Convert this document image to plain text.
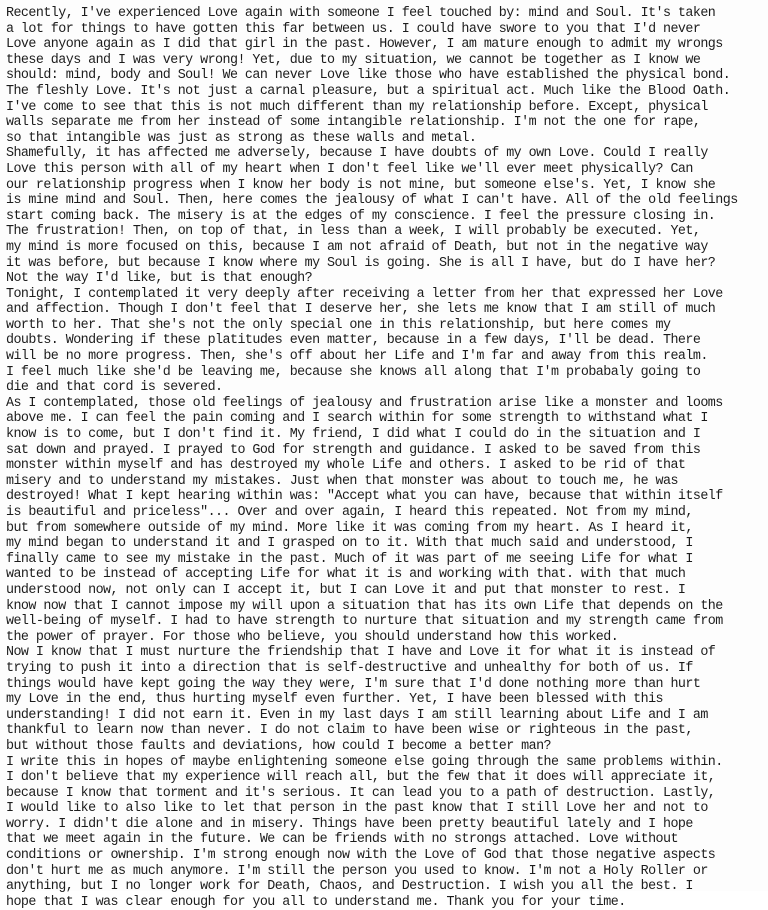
Recently, I've experienced Love again with someone I feel touched by: mind and Soul. It's taken
a lot for things to have gotten this far between us. I could have swore to you that I'd never
Love anyone again as I did that girl in the past. However, I am mature enough to admit my wrongs
these days and I was very wrong! Yet, due to my situation, we cannot be together as I know we
should: mind, body and Soul! We can never Love like those who have established the physical bond.
The fleshly Love. It's not just a carnal pleasure, but a spiritual act. Much like the Blood Oath.
I've come to see that this is not much different than my relationship before. Except, physical
walls separate me from her instead of some intangible relationship. I'm not the one for rape,
so that intangible was just as strong as these walls and metal.
Shamefully, it has affected me adversely, because I have doubts of my own Love. Could I really
Love this person with all of my heart when I don't feel like we'll ever meet physically? Can
our relationship progress when I know her body is not mine, but someone else's. Yet, I know she
is mine mind and Soul. Then, here comes the jealousy of what I can't have. All of the old feelings
start coming back. The misery is at the edges of my conscience. I feel the pressure closing in.
The frustration! Then, on top of that, in less than a week, I will probably be executed. Yet,
my mind is more focused on this, because I am not afraid of Death, but not in the negative way
it was before, but because I know where my Soul is going. She is all I have, but do I have her?
Not the way I'd like, but is that enough?
Tonight, I contemplated it very deeply after receiving a letter from her that expressed her Love
and affection. Though I don't feel that I deserve her, she lets me know that I am still of much
worth to her. That she's not the only special one in this relationship, but here comes my
doubts. Wondering if these platitudes even matter, because in a few days, I'll be dead. There
will be no more progress. Then, she's off about her Life and I'm far and away from this realm.
I feel much like she'd be leaving me, because she knows all along that I'm probabaly going to
die and that cord is severed.
As I contemplated, those old feelings of jealousy and frustration arise like a monster and looms
above me. I can feel the pain coming and I search within for some strength to withstand what I
know is to come, but I don't find it. My friend, I did what I could do in the situation and I
sat down and prayed. I prayed to God for strength and guidance. I asked to be saved from this
monster within myself and has destroyed my whole Life and others. I asked to be rid of that
misery and to understand my mistakes. Just when that monster was about to touch me, he was
destroyed! What I kept hearing within was: "Accept what you can have, because that within itself
is beautiful and priceless"... Over and over again, I heard this repeated. Not from my mind,
but from somewhere outside of my mind. More like it was coming from my heart. As I heard it,
my mind began to understand it and I grasped on to it. With that much said and understood, I
finally came to see my mistake in the past. Much of it was part of me seeing Life for what I
wanted to be instead of accepting Life for what it is and working with that. with that much
understood now, not only can I accept it, but I can Love it and put that monster to rest. I
know now that I cannot impose my will upon a situation that has its own Life that depends on the
well-being of myself. I had to have strength to nurture that situation and my strength came from
the power of prayer. For those who believe, you should understand how this worked.
Now I know that I must nurture the friendship that I have and Love it for what it is instead of
trying to push it into a direction that is self-destructive and unhealthy for both of us. If
things would have kept going the way they were, I'm sure that I'd done nothing more than hurt
my Love in the end, thus hurting myself even further. Yet, I have been blessed with this
understanding! I did not earn it. Even in my last days I am still learning about Life and I am
thankful to learn now than never. I do not claim to have been wise or righteous in the past,
but without those faults and deviations, how could I become a better man?
I write this in hopes of maybe enlightening someone else going through the same problems within.
I don't believe that my experience will reach all, but the few that it does will appreciate it,
because I know that torment and it's serious. It can lead you to a path of destruction. Lastly,
I would like to also like to let that person in the past know that I still Love her and not to
worry. I didn't die alone and in misery. Things have been pretty beautiful lately and I hope
that we meet again in the future. We can be friends with no strongs attached. Love without
conditions or ownership. I'm strong enough now with the Love of God that those negative aspects
don't hurt me as much anymore. I'm still the person you used to know. I'm not a Holy Roller or
anything, but I no longer work for Death, Chaos, and Destruction. I wish you all the best. I
hope that I was clear enough for you all to understand me. Thank you for your time.
